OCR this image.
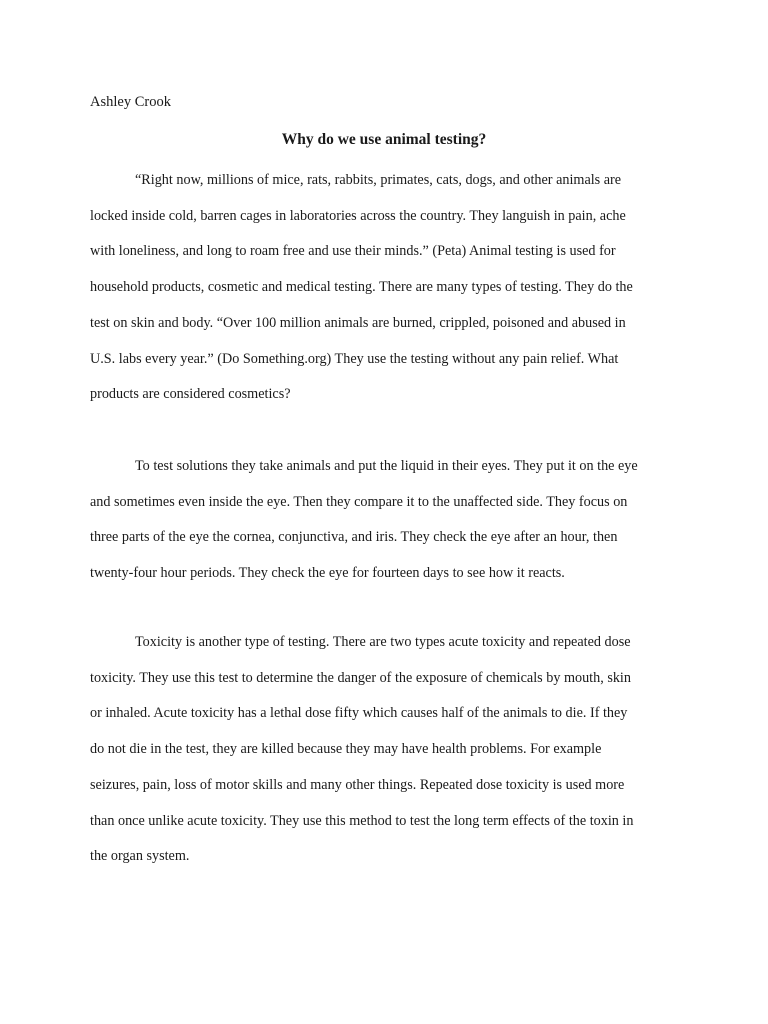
Ashley Crook
Why do we use animal testing?
“Right now, millions of mice, rats, rabbits, primates, cats, dogs, and other animals are
locked inside cold, barren cages in laboratories across the country. They languish in pain, ache
with loneliness, and long to roam free and use their minds.” (Peta) Animal testing is used for
household products, cosmetic and medical testing. There are many types of testing. They do the
test on skin and body. “Over 100 million animals are burned, crippled, poisoned and abused in
U.S. labs every year.” (Do Something.org) They use the testing without any pain relief. What
products are considered cosmetics?
To test solutions they take animals and put the liquid in their eyes. They put it on the eye
and sometimes even inside the eye. Then they compare it to the unaffected side. They focus on
three parts of the eye the cornea, conjunctiva, and iris. They check the eye after an hour, then
twenty-four hour periods. They check the eye for fourteen days to see how it reacts.
Toxicity is another type of testing. There are two types acute toxicity and repeated dose
toxicity. They use this test to determine the danger of the exposure of chemicals by mouth, skin
or inhaled. Acute toxicity has a lethal dose fifty which causes half of the animals to die. If they
do not die in the test, they are killed because they may have health problems. For example
seizures, pain, loss of motor skills and many other things. Repeated dose toxicity is used more
than once unlike acute toxicity. They use this method to test the long term effects of the toxin in
the organ system.
